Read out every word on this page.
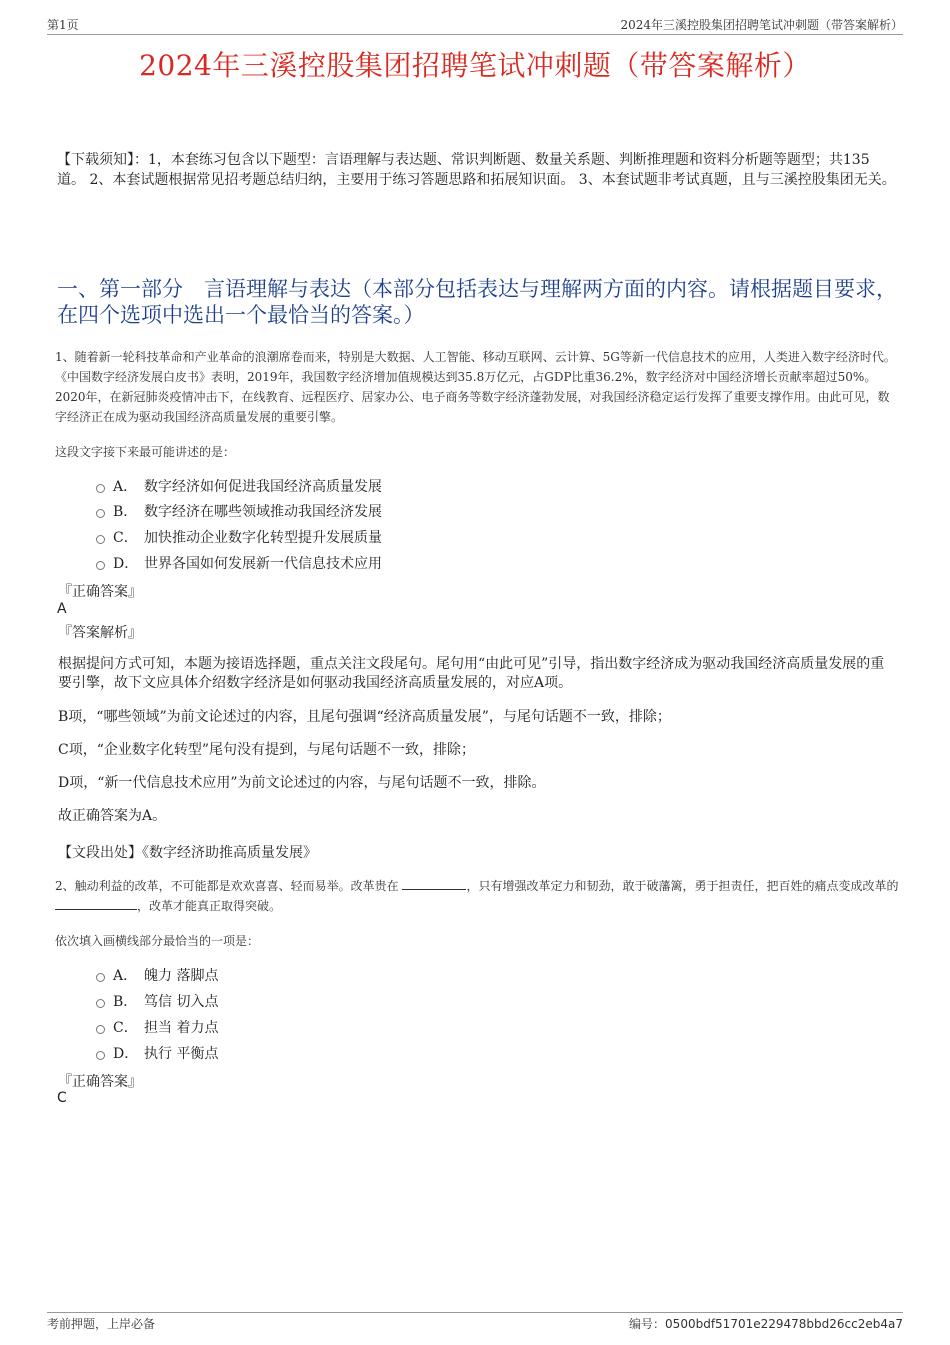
第1页	2024年三溪控股集团招聘笔试冲刺题（带答案解析）
2024年三溪控股集团招聘笔试冲刺题（带答案解析）
【下载须知】：1，本套练习包含以下题型：言语理解与表达题、常识判断题、数量关系题、判断推理题和资料分析题等题型；共135道。 2、本套试题根据常见招考题总结归纳，主要用于练习答题思路和拓展知识面。 3、本套试题非考试真题，且与三溪控股集团无关。
一、第一部分　言语理解与表达（本部分包括表达与理解两方面的内容。请根据题目要求，在四个选项中选出一个最恰当的答案。）
1、随着新一轮科技革命和产业革命的浪潮席卷而来，特别是大数据、人工智能、移动互联网、云计算、5G等新一代信息技术的应用，人类进入数字经济时代。《中国数字经济发展白皮书》表明，2019年，我国数字经济增加值规模达到35.8万亿元，占GDP比重36.2%，数字经济对中国经济增长贡献率超过50%。2020年，在新冠肺炎疫情冲击下，在线教育、远程医疗、居家办公、电子商务等数字经济蓬勃发展，对我国经济稳定运行发挥了重要支撑作用。由此可见，数字经济正在成为驱动我国经济高质量发展的重要引擎。
这段文字接下来最可能讲述的是：
A． 数字经济如何促进我国经济高质量发展
B． 数字经济在哪些领域推动我国经济发展
C． 加快推动企业数字化转型提升发展质量
D． 世界各国如何发展新一代信息技术应用
『正确答案』
A
『答案解析』
根据提问方式可知，本题为接语选择题，重点关注文段尾句。尾句用“由此可见”引导，指出数字经济成为驱动我国经济高质量发展的重要引擎，故下文应具体介绍数字经济是如何驱动我国经济高质量发展的，对应A项。
B项，“哪些领域”为前文论述过的内容，且尾句强调“经济高质量发展”，与尾句话题不一致，排除；
C项，“企业数字化转型”尾句没有提到，与尾句话题不一致，排除；
D项，“新一代信息技术应用”为前文论述过的内容，与尾句话题不一致，排除。
故正确答案为A。
【文段出处】《数字经济助推高质量发展》
2、触动利益的改革，不可能都是欢欢喜喜、轻而易举。改革贵在	，只有增强改革定力和韧劲，敢于破藩篱，勇于担责任，把百姓的痛点变成改革的 ，改革才能真正取得突破。
依次填入画横线部分最恰当的一项是：
A． 魄力 落脚点
B． 笃信 切入点
C． 担当 着力点
D． 执行 平衡点
『正确答案』
C
考前押题，上岸必备	编号：0500bdf51701e229478bbd26cc2eb4a7
